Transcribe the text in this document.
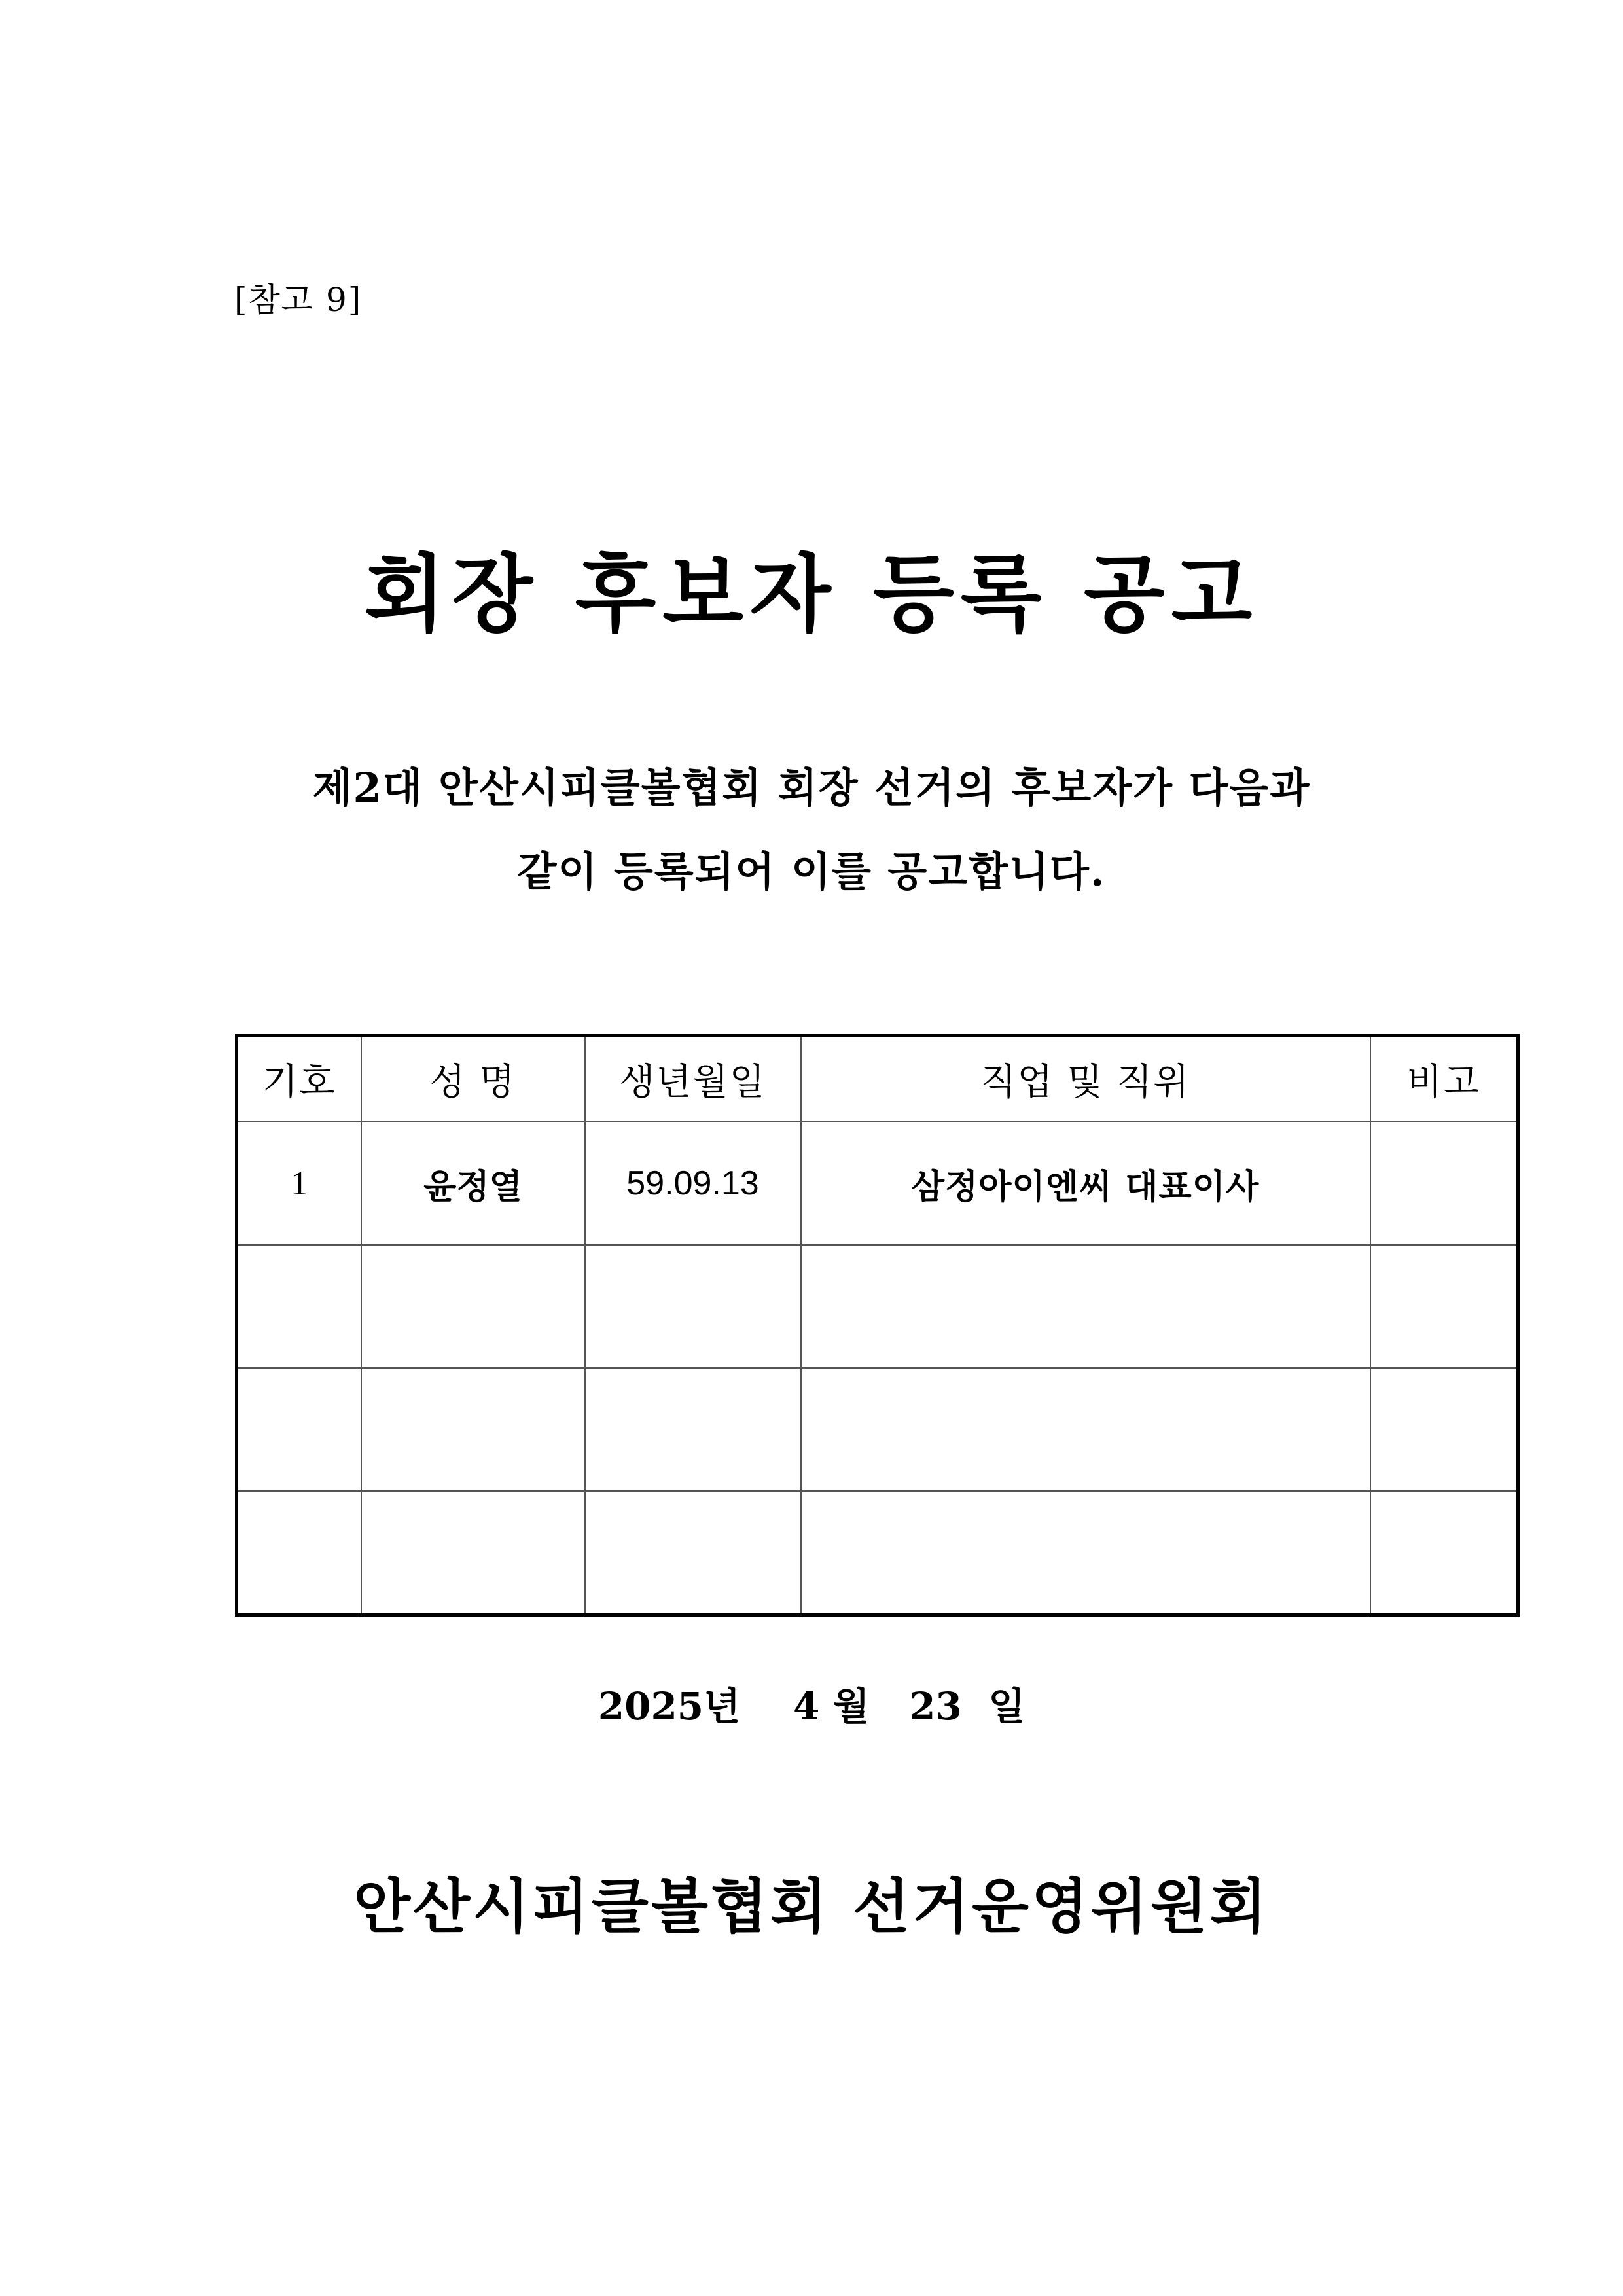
[참고 9]
회장 후보자 등록 공고
제2대 안산시피클볼협회 회장 선거의 후보자가 다음과
같이 등록되어 이를 공고합니다.
기호	성 명	생년월일	직업 및 직위	비고
1	윤정열	59.09.13	삼정아이엔씨 대표이사	

2025년    4 월   23  일
안산시피클볼협회 선거운영위원회
